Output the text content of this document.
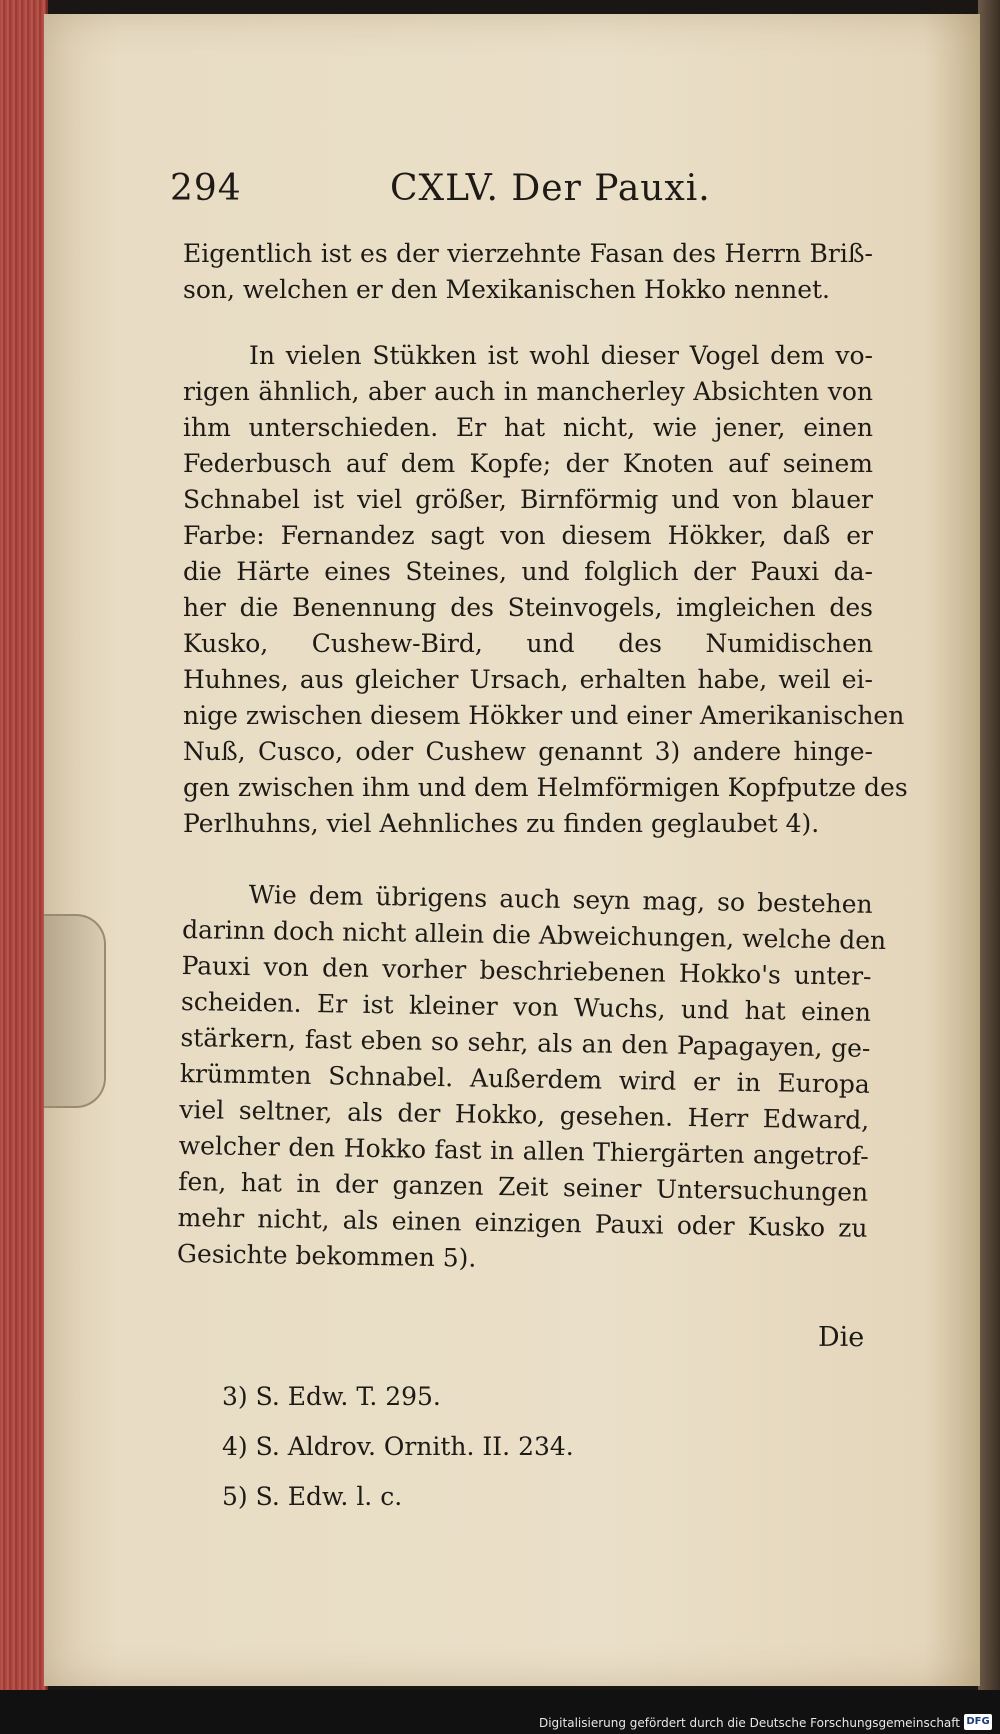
294	CXLV. Der Pauxi.
Eigentlich ist es der vierzehnte Fasan des Herrn Briß-
son, welchen er den Mexikanischen Hokko nennet.
In vielen Stükken ist wohl dieser Vogel dem vo-
rigen ähnlich, aber auch in mancherley Absichten von
ihm unterschieden. Er hat nicht, wie jener, einen
Federbusch auf dem Kopfe; der Knoten auf seinem
Schnabel ist viel größer, Birnförmig und von blauer
Farbe: Fernandez sagt von diesem Hökker, daß er
die Härte eines Steines, und folglich der Pauxi da-
her die Benennung des Steinvogels, imgleichen des
Kusko, Cushew-Bird, und des Numidischen
Huhnes, aus gleicher Ursach, erhalten habe, weil ei-
nige zwischen diesem Hökker und einer Amerikanischen
Nuß, Cusco, oder Cushew genannt 3) andere hinge-
gen zwischen ihm und dem Helmförmigen Kopfputze des
Perlhuhns, viel Aehnliches zu finden geglaubet 4).
Wie dem übrigens auch seyn mag, so bestehen
darinn doch nicht allein die Abweichungen, welche den
Pauxi von den vorher beschriebenen Hokko's unter-
scheiden. Er ist kleiner von Wuchs, und hat einen
stärkern, fast eben so sehr, als an den Papagayen, ge-
krümmten Schnabel. Außerdem wird er in Europa
viel seltner, als der Hokko, gesehen. Herr Edward,
welcher den Hokko fast in allen Thiergärten angetrof-
fen, hat in der ganzen Zeit seiner Untersuchungen
mehr nicht, als einen einzigen Pauxi oder Kusko zu
Gesichte bekommen 5).
Die
3) S. Edw. T. 295.
4) S. Aldrov. Ornith. II. 234.
5) S. Edw. l. c.
Digitalisierung gefördert durch die Deutsche Forschungsgemeinschaft DFG
